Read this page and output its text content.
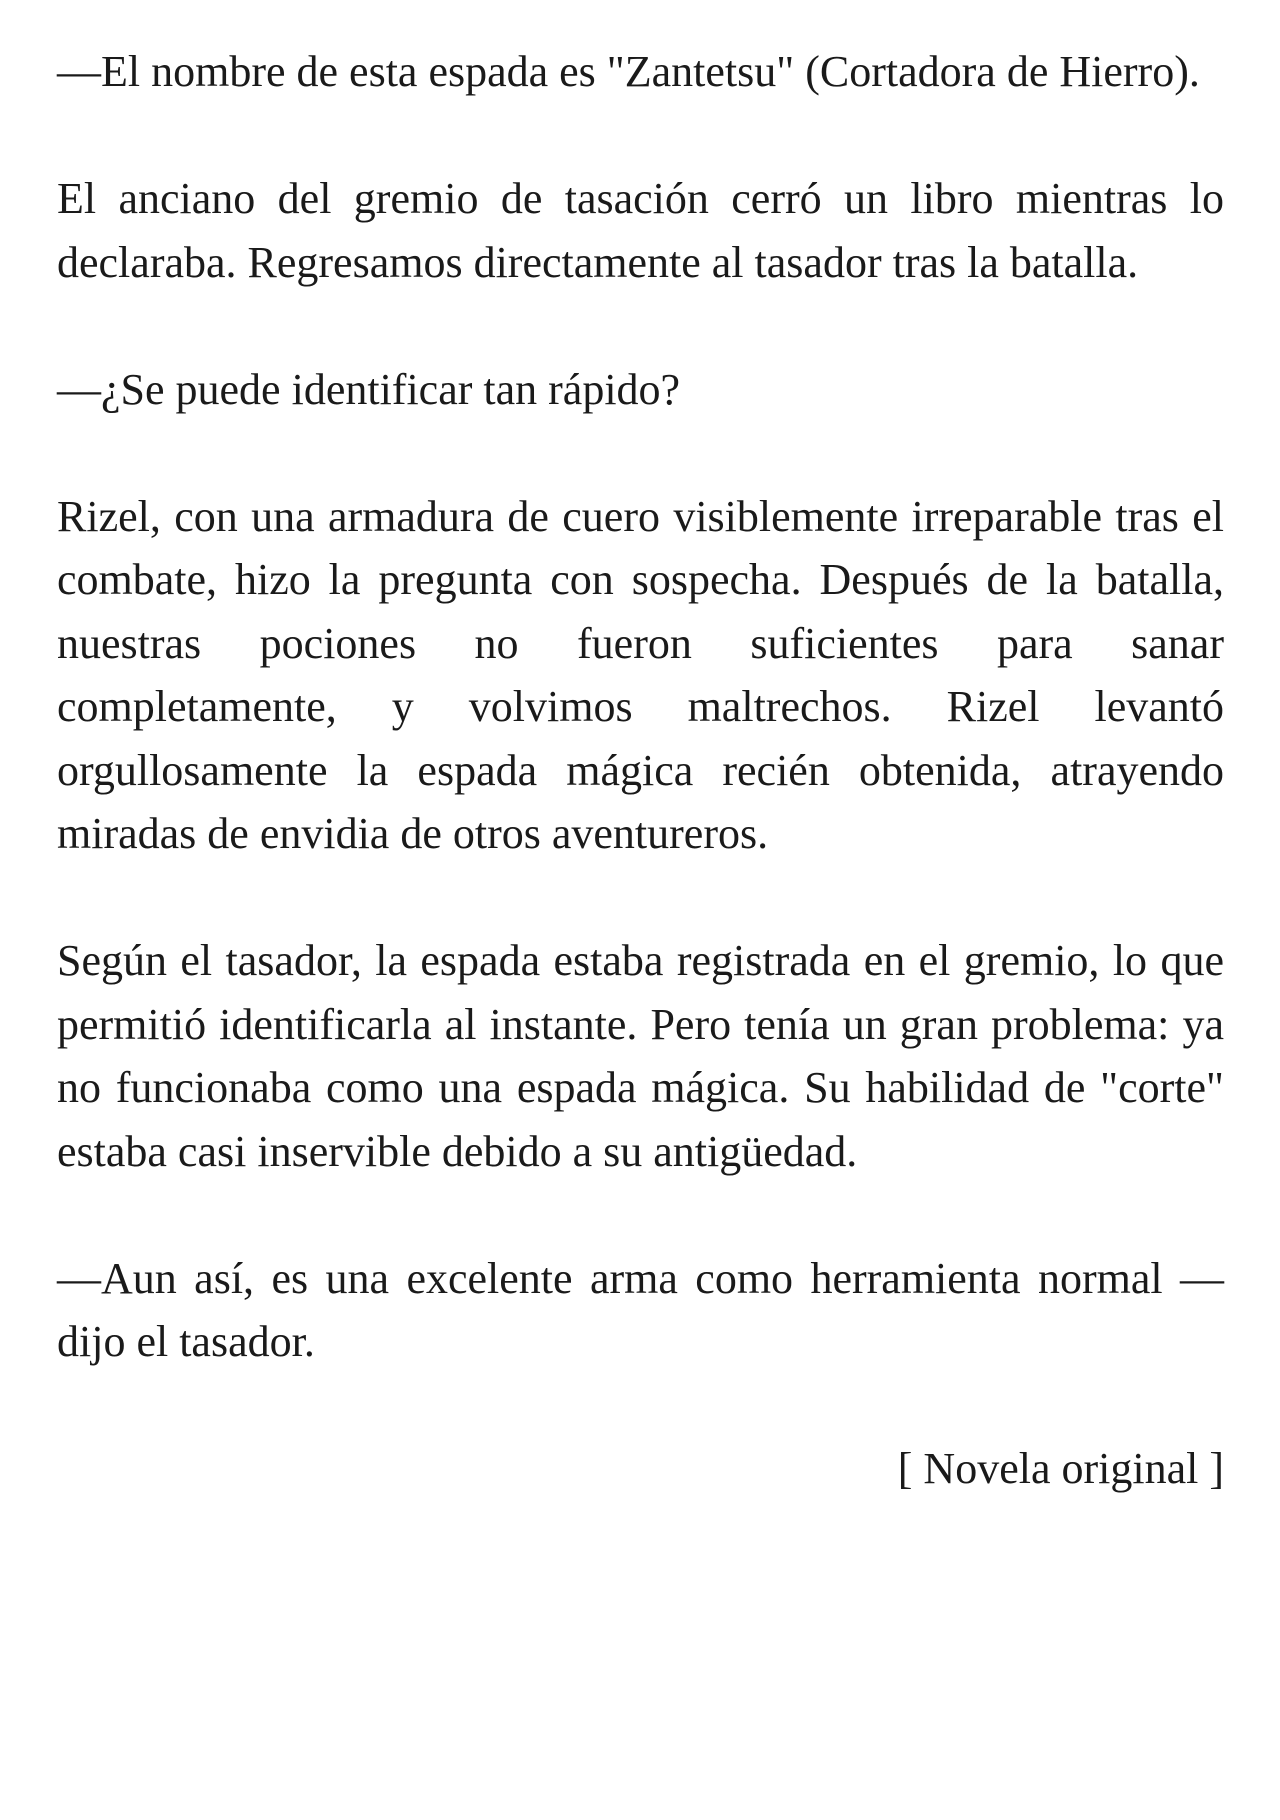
—El nombre de esta espada es "Zantetsu" (Cortadora de Hierro).

El anciano del gremio de tasación cerró un libro mientras lo declaraba. Regresamos directamente al tasador tras la batalla.

—¿Se puede identificar tan rápido?

Rizel, con una armadura de cuero visiblemente irreparable tras el combate, hizo la pregunta con sospecha. Después de la batalla, nuestras pociones no fueron suficientes para sanar completamente, y volvimos maltrechos. Rizel levantó orgullosamente la espada mágica recién obtenida, atrayendo miradas de envidia de otros aventureros.

Según el tasador, la espada estaba registrada en el gremio, lo que permitió identificarla al instante. Pero tenía un gran problema: ya no funcionaba como una espada mágica. Su habilidad de "corte" estaba casi inservible debido a su antigüedad.

—Aun así, es una excelente arma como herramienta normal —dijo el tasador.

[ Novela original ]
